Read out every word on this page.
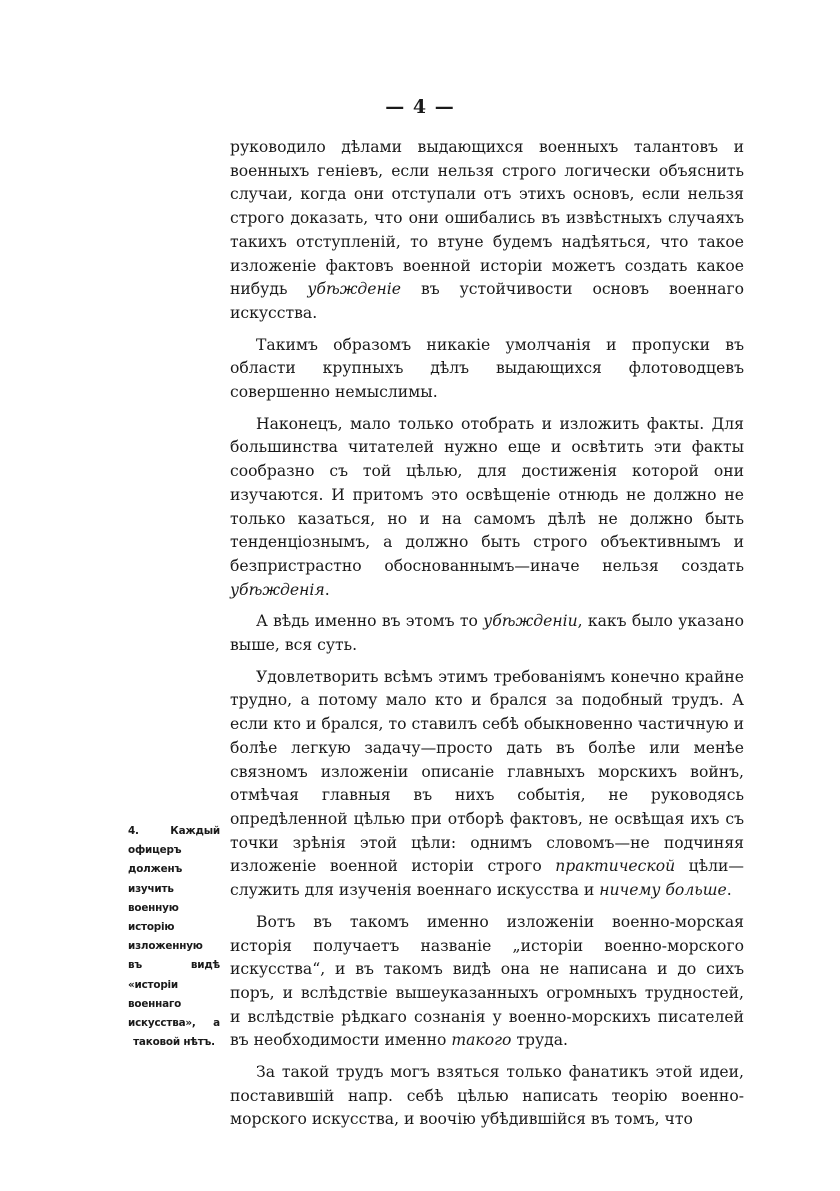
— 4 —

руководило дѣлами выдающихся военныхъ талантовъ и военныхъ геніевъ, если нельзя строго логически объяснить случаи, когда они отступали отъ этихъ основъ, если нельзя строго доказать, что они ошибались въ извѣстныхъ случаяхъ такихъ отступленій, то втуне будемъ надѣяться, что такое изложеніе фактовъ военной исторіи можетъ создать какое нибудь убѣжденіе въ устойчивости основъ военнаго искусства.

Такимъ образомъ никакіе умолчанія и пропуски въ области крупныхъ дѣлъ выдающихся флотоводцевъ совершенно немыслимы.

Наконецъ, мало только отобрать и изложить факты. Для большинства читателей нужно еще и освѣтить эти факты сообразно съ той цѣлью, для достиженія которой они изучаются. И притомъ это освѣщеніе отнюдь не должно не только казаться, но и на самомъ дѣлѣ не должно быть тенденціознымъ, а должно быть строго объективнымъ и безпристрастно обоснованнымъ—иначе нельзя создать убѣжденія.

А вѣдь именно въ этомъ то убѣжденіи, какъ было указано выше, вся суть.

Удовлетворить всѣмъ этимъ требованіямъ конечно крайне трудно, а потому мало кто и брался за подобный трудъ. А если кто и брался, то ставилъ себѣ обыкновенно частичную и болѣе легкую задачу—просто дать въ болѣе или менѣе связномъ изложеніи описаніе главныхъ морскихъ войнъ, отмѣчая главныя въ нихъ событія, не руководясь опредѣленной цѣлью при отборѣ фактовъ, не освѣщая ихъ съ точки зрѣнія этой цѣли: однимъ словомъ—не подчиняя изложеніе военной исторіи строго практической цѣли—служить для изученія военнаго искусства и ничему больше.

Вотъ въ такомъ именно изложеніи военно-морская исторія получаетъ названіе „исторіи военно-морского искусства“, и въ такомъ видѣ она не написана и до сихъ поръ, и вслѣдствіе вышеуказанныхъ огромныхъ трудностей, и вслѣдствіе рѣдкаго сознанія у военно-морскихъ писателей въ необходимости именно такого труда.

За такой трудъ могъ взяться только фанатикъ этой идеи, поставившій напр. себѣ цѣлью написать теорію военно-морского искусства, и воочію убѣдившійся въ томъ, что

4. Каждый офицеръ долженъ изучить военную исторію изложенную въ видѣ «исторіи военнаго искусства», а таковой нѣтъ.
